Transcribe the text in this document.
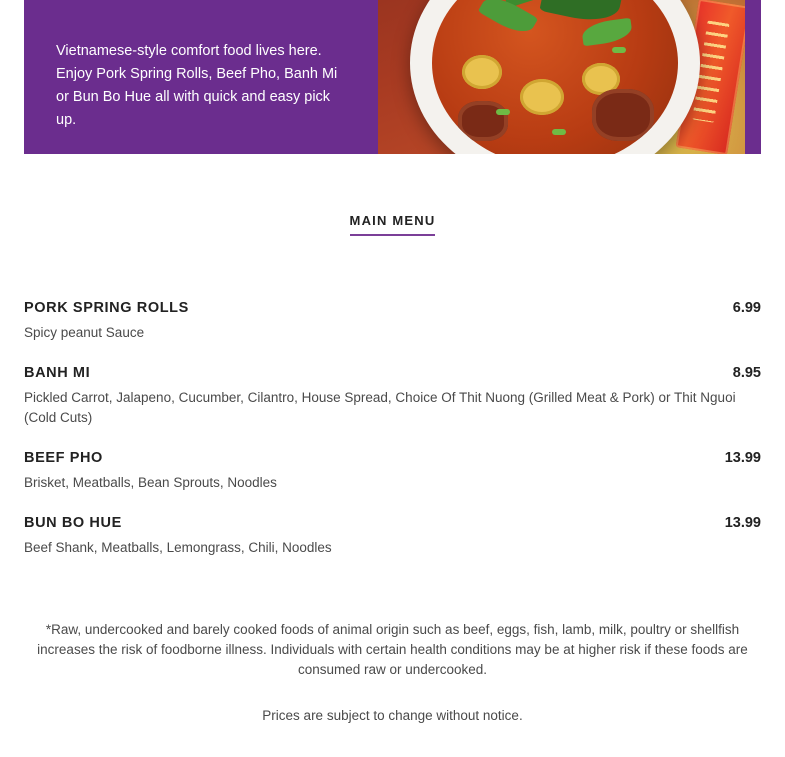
Vietnamese-style comfort food lives here. Enjoy Pork Spring Rolls, Beef Pho, Banh Mi or Bun Bo Hue all with quick and easy pick up.
MAIN MENU
PORK SPRING ROLLS	6.99
Spicy peanut Sauce
BANH MI	8.95
Pickled Carrot, Jalapeno, Cucumber, Cilantro, House Spread, Choice Of Thit Nuong (Grilled Meat & Pork) or Thit Nguoi (Cold Cuts)
BEEF PHO	13.99
Brisket, Meatballs, Bean Sprouts, Noodles
BUN BO HUE	13.99
Beef Shank, Meatballs, Lemongrass, Chili, Noodles

*Raw, undercooked and barely cooked foods of animal origin such as beef, eggs, fish, lamb, milk, poultry or shellfish increases the risk of foodborne illness. Individuals with certain health conditions may be at higher risk if these foods are consumed raw or undercooked.

Prices are subject to change without notice.
